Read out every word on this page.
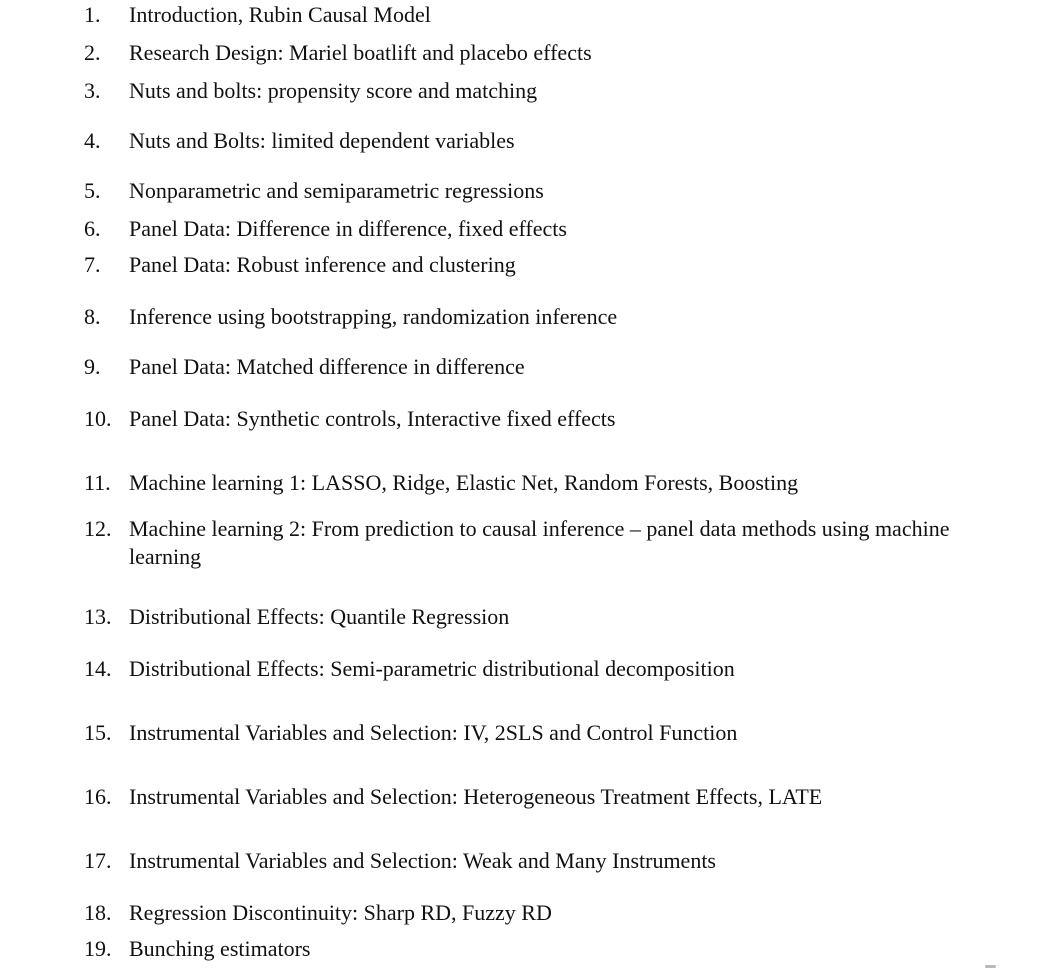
1. Introduction, Rubin Causal Model
2. Research Design: Mariel boatlift and placebo effects
3. Nuts and bolts: propensity score and matching
4. Nuts and Bolts: limited dependent variables
5. Nonparametric and semiparametric regressions
6. Panel Data: Difference in difference, fixed effects
7. Panel Data: Robust inference and clustering
8. Inference using bootstrapping, randomization inference
9. Panel Data: Matched difference in difference
10. Panel Data: Synthetic controls, Interactive fixed effects
11. Machine learning 1: LASSO, Ridge, Elastic Net, Random Forests, Boosting
12. Machine learning 2: From prediction to causal inference – panel data methods using machine learning
13. Distributional Effects: Quantile Regression
14. Distributional Effects: Semi-parametric distributional decomposition
15. Instrumental Variables and Selection: IV, 2SLS and Control Function
16. Instrumental Variables and Selection: Heterogeneous Treatment Effects, LATE
17. Instrumental Variables and Selection: Weak and Many Instruments
18. Regression Discontinuity: Sharp RD, Fuzzy RD
19. Bunching estimators
